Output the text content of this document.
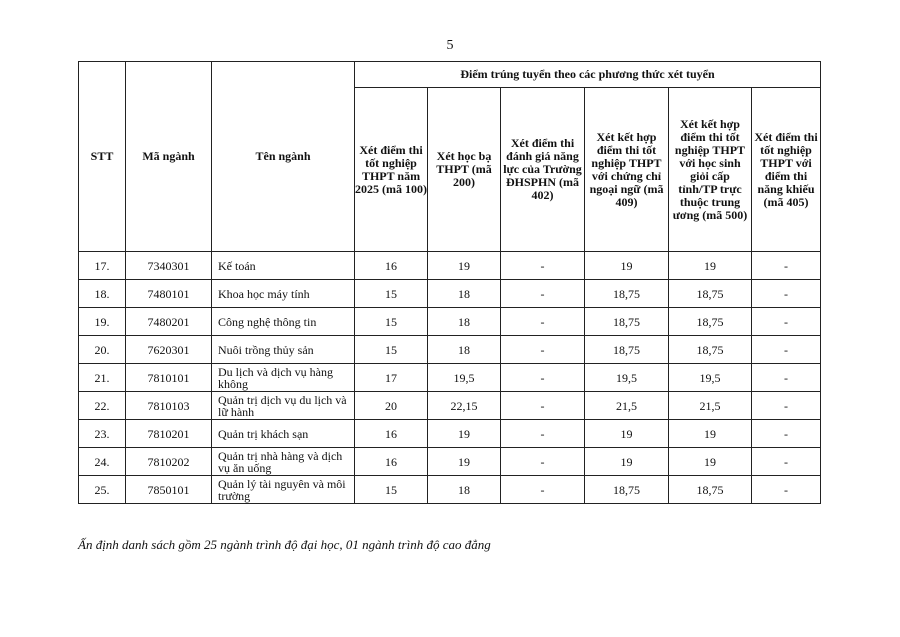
5
STT	Mã ngành	Tên ngành	Điểm trúng tuyển theo các phương thức xét tuyển					
			Xét điểm thi tốt nghiệp THPT năm 2025 (mã 100)	Xét học bạ THPT (mã 200)	Xét điểm thi đánh giá năng lực của Trường ĐHSPHN (mã 402)	Xét kết hợp điểm thi tốt nghiệp THPT với chứng chỉ ngoại ngữ (mã 409)	Xét kết hợp điểm thi tốt nghiệp THPT với học sinh giỏi cấp tỉnh/TP trực thuộc trung ương (mã 500)	Xét điểm thi tốt nghiệp THPT với điểm thi năng khiếu (mã 405)
17.	7340301	Kế toán	16	19	-	19	19	-
18.	7480101	Khoa học máy tính	15	18	-	18,75	18,75	-
19.	7480201	Công nghệ thông tin	15	18	-	18,75	18,75	-
20.	7620301	Nuôi trồng thủy sản	15	18	-	18,75	18,75	-
21.	7810101	Du lịch và dịch vụ hàng không	17	19,5	-	19,5	19,5	-
22.	7810103	Quản trị dịch vụ du lịch và lữ hành	20	22,15	-	21,5	21,5	-
23.	7810201	Quản trị khách sạn	16	19	-	19	19	-
24.	7810202	Quản trị nhà hàng và dịch vụ ăn uống	16	19	-	19	19	-
25.	7850101	Quản lý tài nguyên và môi trường	15	18	-	18,75	18,75	-
Ấn định danh sách gồm 25 ngành trình độ đại học, 01 ngành trình độ cao đẳng
